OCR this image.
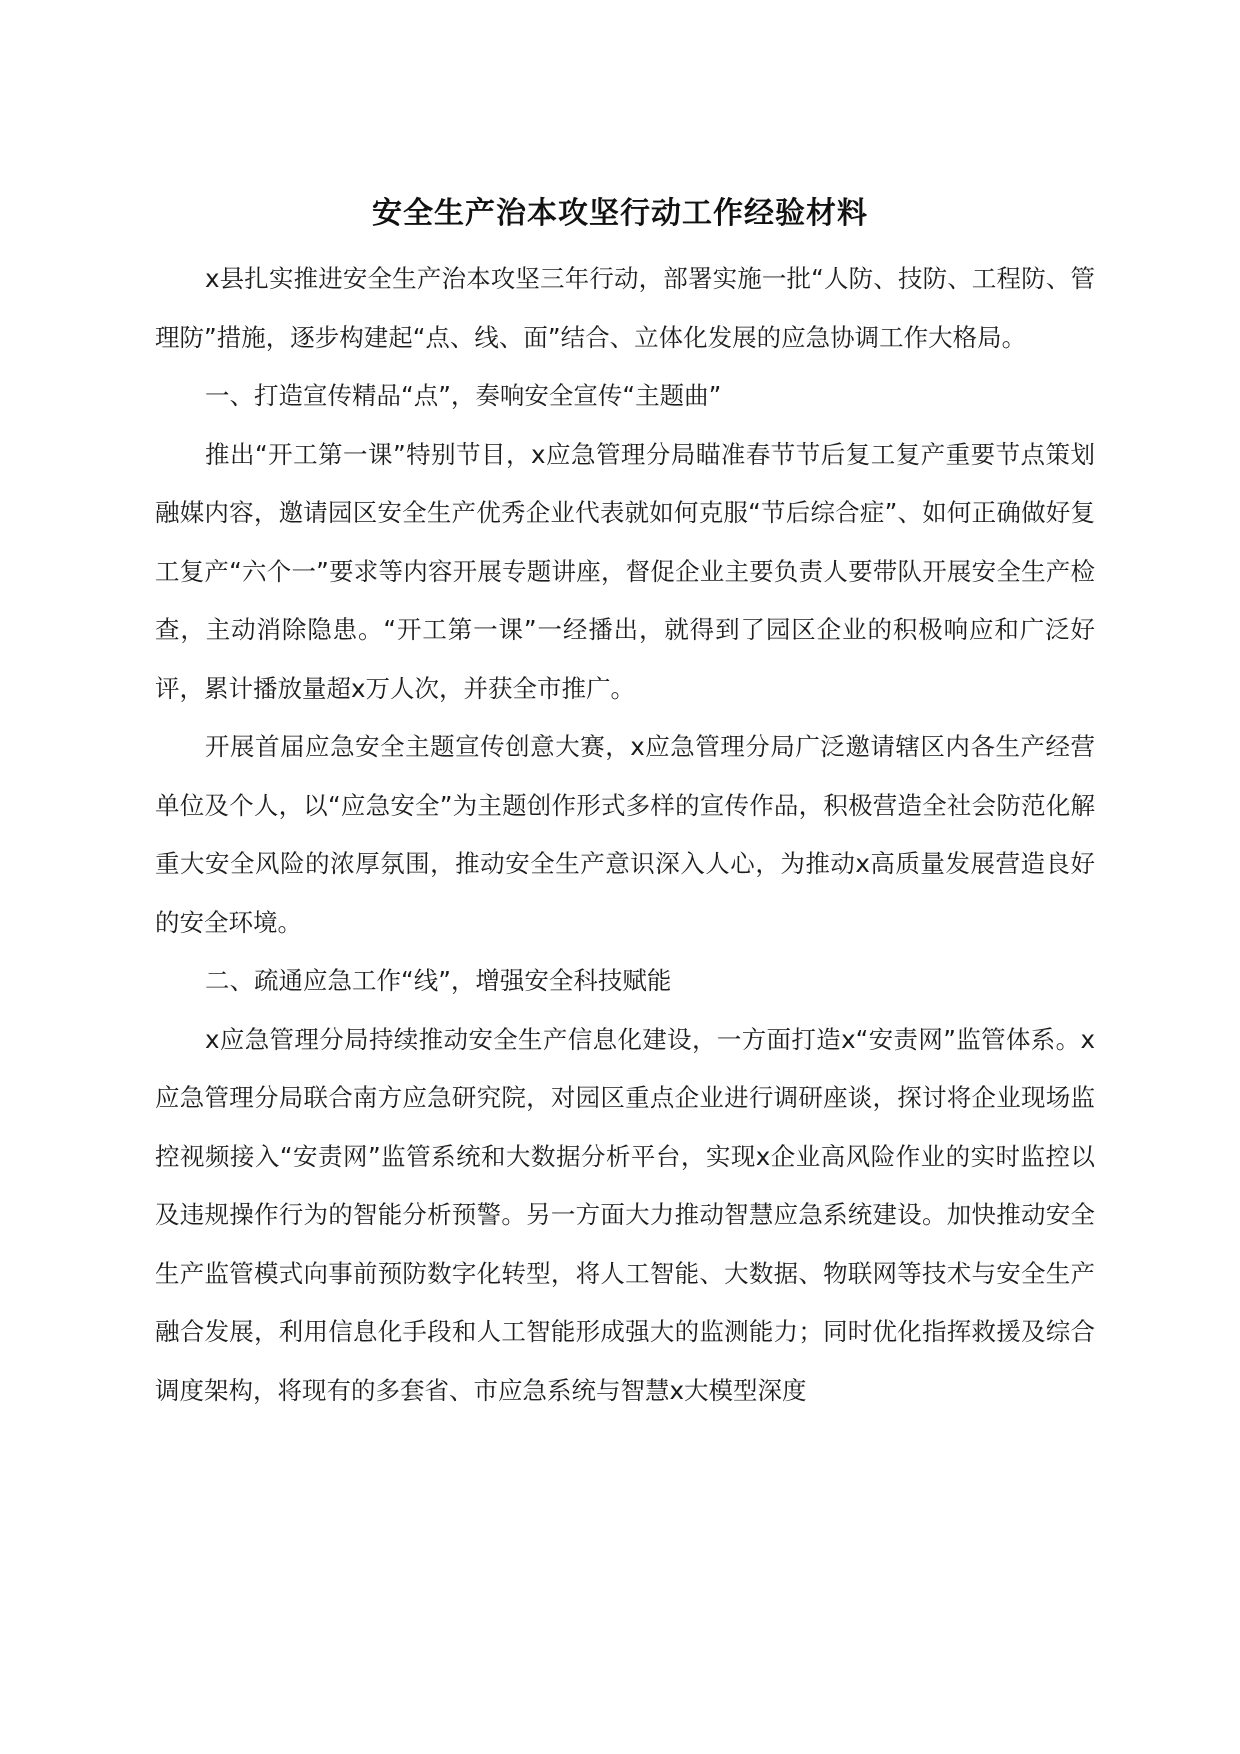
安全生产治本攻坚行动工作经验材料

x县扎实推进安全生产治本攻坚三年行动，部署实施一批“人防、技防、工程防、管理防”措施，逐步构建起“点、线、面”结合、立体化发展的应急协调工作大格局。

一、打造宣传精品“点”，奏响安全宣传“主题曲”

推出“开工第一课”特别节目，x应急管理分局瞄准春节节后复工复产重要节点策划融媒内容，邀请园区安全生产优秀企业代表就如何克服“节后综合症”、如何正确做好复工复产“六个一”要求等内容开展专题讲座，督促企业主要负责人要带队开展安全生产检查，主动消除隐患。“开工第一课”一经播出，就得到了园区企业的积极响应和广泛好评，累计播放量超x万人次，并获全市推广。

开展首届应急安全主题宣传创意大赛，x应急管理分局广泛邀请辖区内各生产经营单位及个人，以“应急安全”为主题创作形式多样的宣传作品，积极营造全社会防范化解重大安全风险的浓厚氛围，推动安全生产意识深入人心，为推动x高质量发展营造良好的安全环境。

二、疏通应急工作“线”，增强安全科技赋能

x应急管理分局持续推动安全生产信息化建设，一方面打造x“安责网”监管体系。x应急管理分局联合南方应急研究院，对园区重点企业进行调研座谈，探讨将企业现场监控视频接入“安责网”监管系统和大数据分析平台，实现x企业高风险作业的实时监控以及违规操作行为的智能分析预警。另一方面大力推动智慧应急系统建设。加快推动安全生产监管模式向事前预防数字化转型，将人工智能、大数据、物联网等技术与安全生产融合发展，利用信息化手段和人工智能形成强大的监测能力；同时优化指挥救援及综合调度架构，将现有的多套省、市应急系统与智慧x大模型深度
